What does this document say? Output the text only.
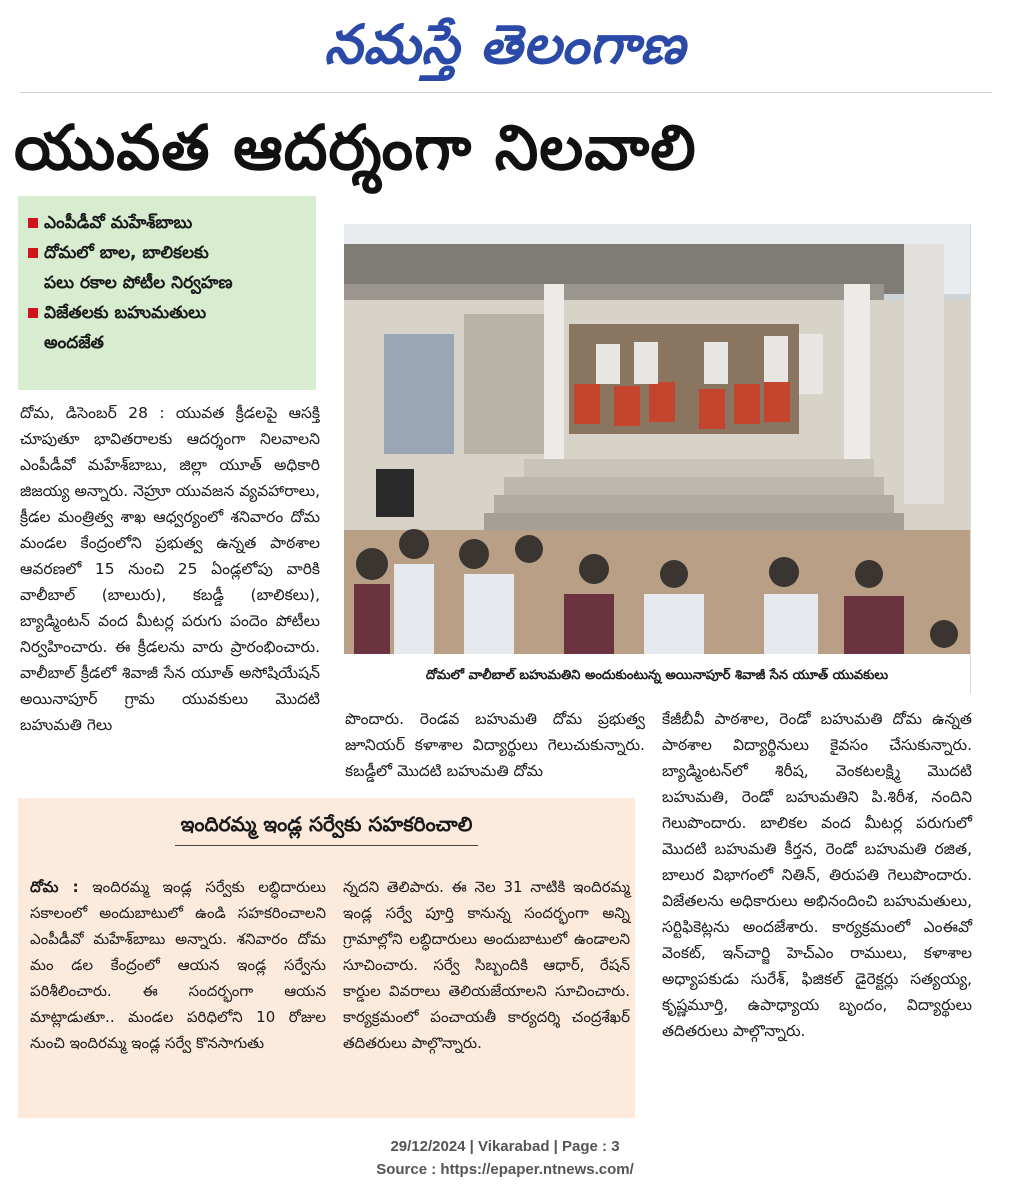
నమస్తే తెలంగాణ
యువత ఆదర్శంగా నిలవాలి
ఎంపీడీవో మహేశ్‌బాబు
దోమలో బాల, బాలికలకు
పలు రకాల పోటీల నిర్వహణ
విజేతలకు బహుమతులు
అందజేత
దోమలో వాలీబాల్ బహుమతిని అందుకుంటున్న అయినాపూర్ శివాజీ సేన యూత్ యువకులు

దోమ, డిసెంబర్ 28 : యువత క్రీడలపై ఆసక్తి చూపుతూ భావితరాలకు ఆదర్శంగా నిలవాలని ఎంపీడీవో మహేశ్‌బాబు, జిల్లా యూత్ అధికారి జిజయ్య అన్నారు. నెహ్రూ యువజన వ్యవహారాలు, క్రీడల మంత్రిత్వ శాఖ ఆధ్వర్యంలో శనివారం దోమ మండల కేంద్రంలోని ప్రభుత్వ ఉన్నత పాఠశాల ఆవరణలో 15 నుంచి 25 ఏండ్లలోపు వారికి వాలీబాల్ (బాలురు), కబడ్డీ (బాలికలు), బ్యాడ్మింటన్ వంద మీటర్ల పరుగు పందెం పోటీలు నిర్వహించారు. ఈ క్రీడలను వారు ప్రారంభించారు. వాలీబాల్ క్రీడలో శివాజీ సేన యూత్ అసోషియేషన్ అయినాపూర్ గ్రామ యువకులు మొదటి బహుమతి గెలు	పొందారు. రెండవ బహుమతి దోమ ప్రభుత్వ జూనియర్ కళాశాల విద్యార్థులు గెలుచుకున్నారు. కబడ్డీలో మొదటి బహుమతి దోమ

కేజీబీవీ పాఠశాల, రెండో బహుమతి దోమ ఉన్నత పాఠశాల విద్యార్థినులు కైవసం చేసుకున్నారు. బ్యాడ్మింటన్‌లో శిరీష, వెంకటలక్ష్మి మొదటి బహుమతి, రెండో బహుమతిని పి.శిరీశ, నందిని గెలుపొందారు. బాలికల వంద మీటర్ల పరుగులో మొదటి బహుమతి కీర్తన, రెండో బహుమతి రజిత, బాలుర విభాగంలో నితిన్, తిరుపతి గెలుపొందారు. విజేతలను అధికారులు అభినందించి బహుమతులు, సర్టిఫికెట్లను అందజేశారు. కార్యక్రమంలో ఎంఈవో వెంకట్, ఇన్‌చార్జి హెచ్‌ఎం రాములు, కళాశాల అధ్యాపకుడు సురేశ్, ఫిజికల్ డైరెక్టర్లు సత్యయ్య, కృష్ణమూర్తి, ఉపాధ్యాయ బృందం, విద్యార్థులు తదితరులు పాల్గొన్నారు.

ఇందిరమ్మ ఇండ్ల సర్వేకు సహకరించాలి

దోమ : ఇందిరమ్మ ఇండ్ల సర్వేకు లబ్ధిదారులు సకాలంలో అందుబాటులో ఉండి సహకరించాలని ఎంపీడీవో మహేశ్‌బాబు అన్నారు. శనివారం దోమ మం డల కేంద్రంలో ఆయన ఇండ్ల సర్వేను పరిశీలించారు. ఈ సందర్భంగా ఆయన మాట్లాడుతూ.. మండల పరిధిలోని 10 రోజుల నుంచి ఇందిరమ్మ ఇండ్ల సర్వే కొనసాగుతు

న్నదని తెలిపారు. ఈ నెల 31 నాటికి ఇందిరమ్మ ఇండ్ల సర్వే పూర్తి కానున్న సందర్భంగా అన్ని గ్రామాల్లోని లబ్ధిదారులు అందుబాటులో ఉండాలని సూచించారు. సర్వే సిబ్బందికి ఆధార్, రేషన్ కార్డుల వివరాలు తెలియజేయాలని సూచించారు. కార్యక్రమంలో పంచాయతీ కార్యదర్శి చంద్రశేఖర్ తదితరులు పాల్గొన్నారు.

29/12/2024 | Vikarabad | Page : 3
Source : https://epaper.ntnews.com/
